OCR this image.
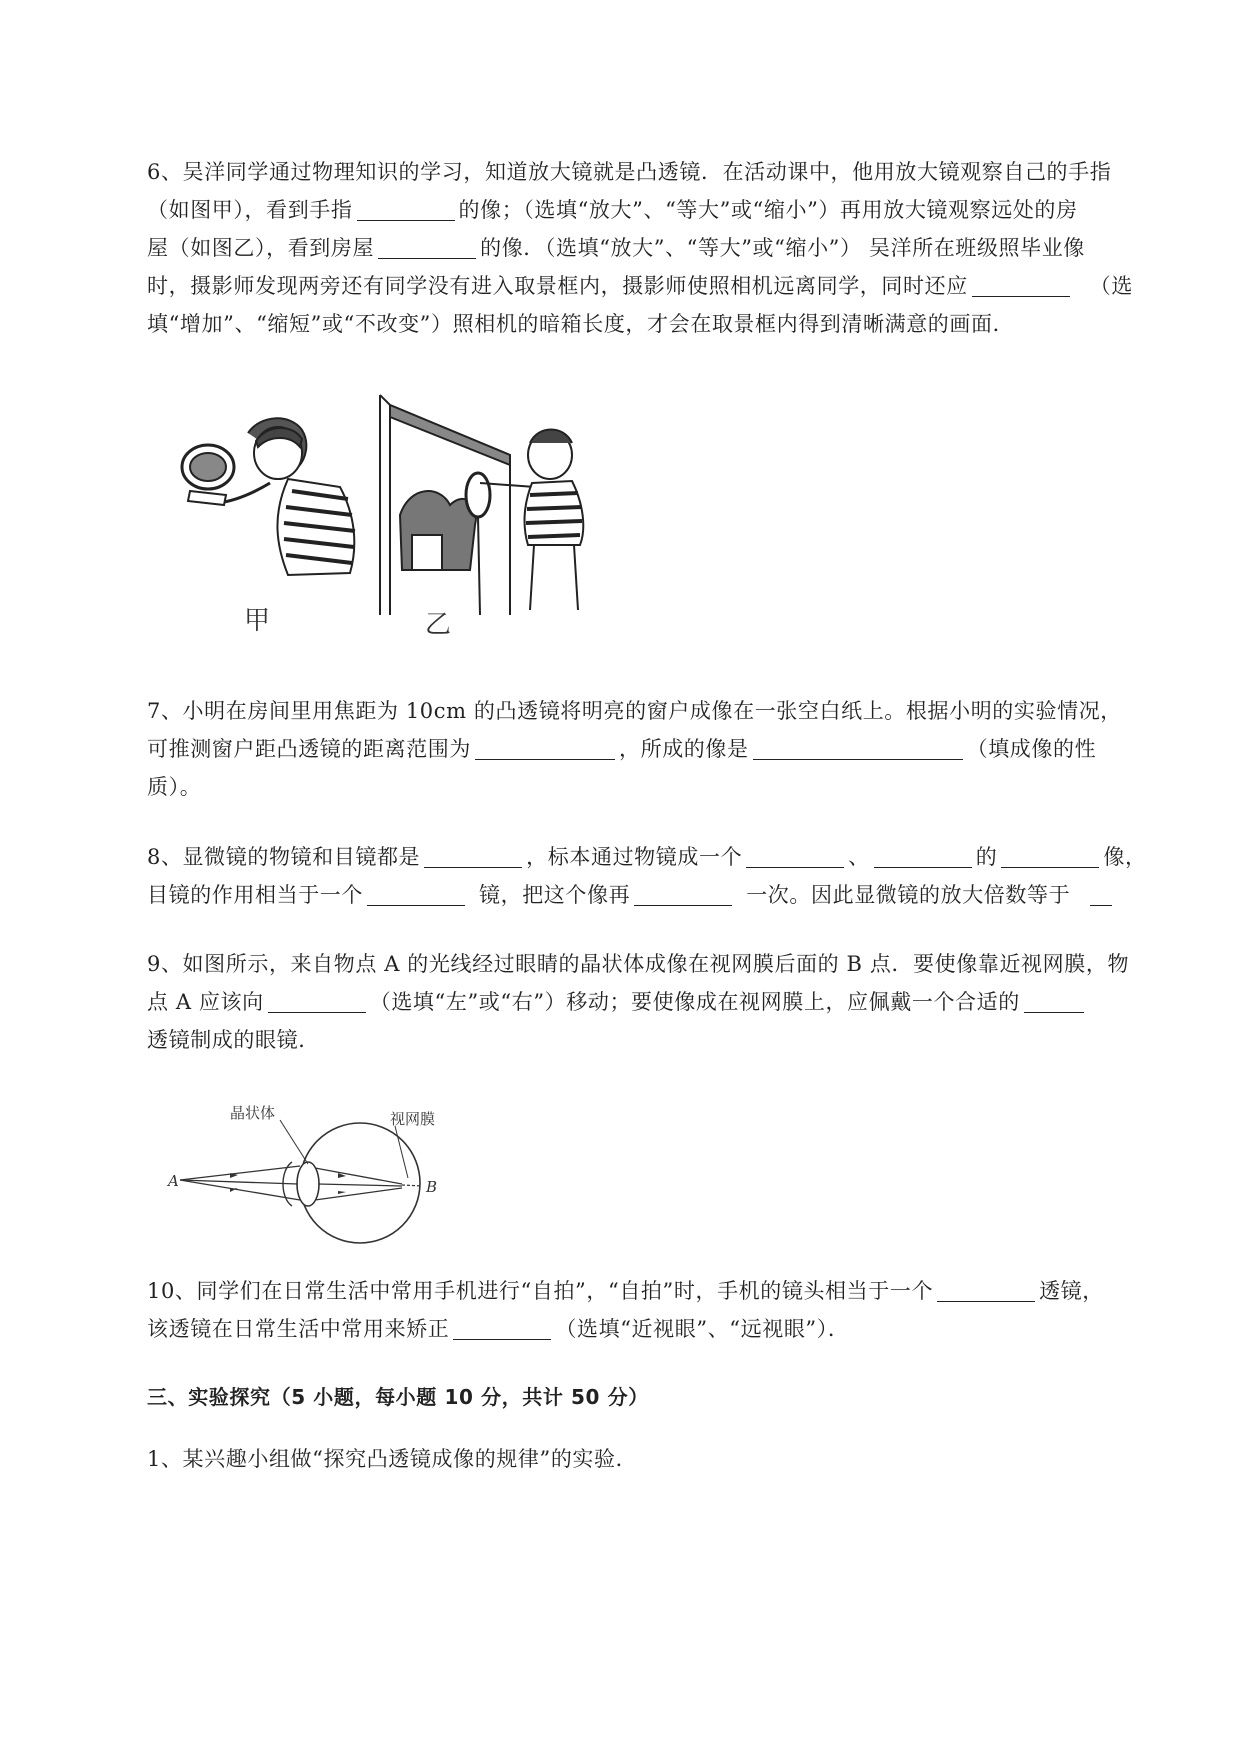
6、吴洋同学通过物理知识的学习，知道放大镜就是凸透镜．在活动课中，他用放大镜观察自己的手指

（如图甲），看到手指	的像；（选填“放大”、“等大”或“缩小”）再用放大镜观察远处的房

屋（如图乙），看到房屋	的像．（选填“放大”、“等大”或“缩小”） 吴洋所在班级照毕业像

时，摄影师发现两旁还有同学没有进入取景框内，摄影师使照相机远离同学，同时还应	（选

填“增加”、“缩短”或“不改变”）照相机的暗箱长度，才会在取景框内得到清晰满意的画面．

甲	乙

7、小明在房间里用焦距为 10cm 的凸透镜将明亮的窗户成像在一张空白纸上。根据小明的实验情况，

可推测窗户距凸透镜的距离范围为	，所成的像是	（填成像的性

质）。

8、显微镜的物镜和目镜都是	，标本通过物镜成一个	、	的	像，

目镜的作用相当于一个	镜，把这个像再	一次。因此显微镜的放大倍数等于

9、如图所示，来自物点 A 的光线经过眼睛的晶状体成像在视网膜后面的 B 点．要使像靠近视网膜，物

点 A 应该向	（选填“左”或“右”）移动；要使像成在视网膜上，应佩戴一个合适的

透镜制成的眼镜．

晶状体	视网膜
A	B

10、同学们在日常生活中常用手机进行“自拍”，“自拍”时，手机的镜头相当于一个	透镜，

该透镜在日常生活中常用来矫正	（选填“近视眼”、“远视眼”）．

三、实验探究（5 小题，每小题 10 分，共计 50 分）

1、某兴趣小组做“探究凸透镜成像的规律”的实验．
